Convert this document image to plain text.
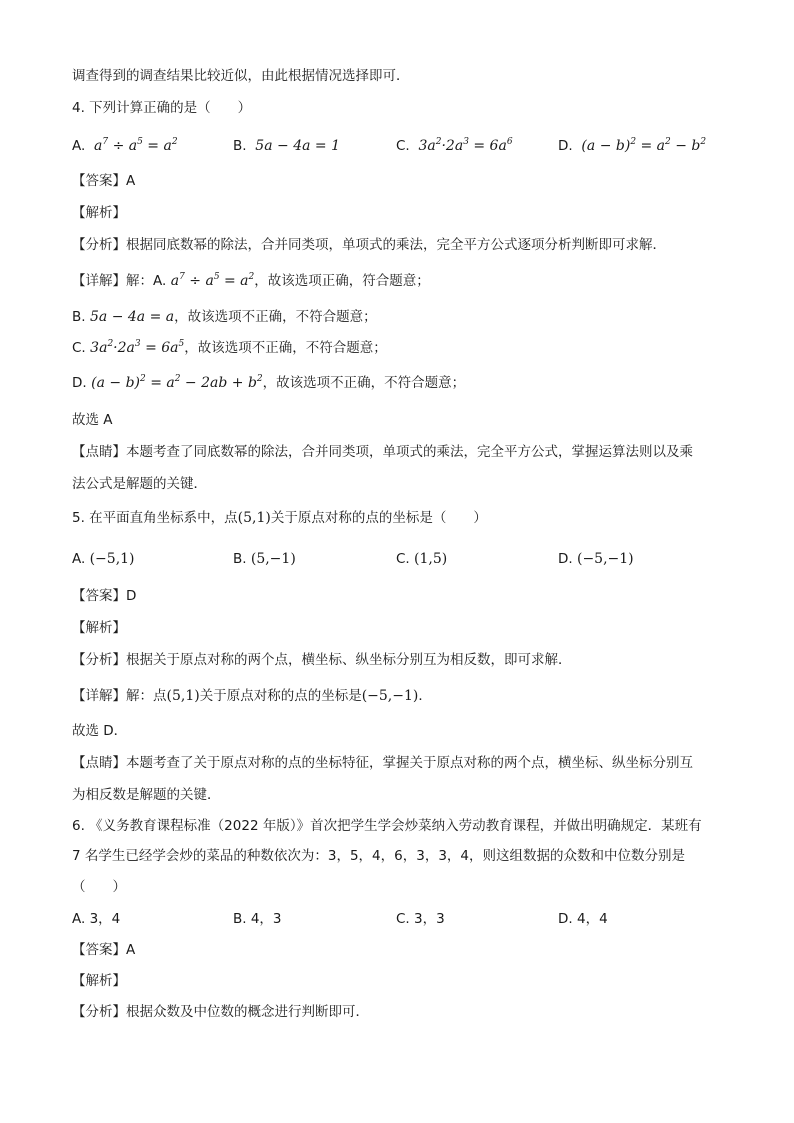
调查得到的调查结果比较近似，由此根据情况选择即可．
4. 下列计算正确的是（　　）
A.  $a^7 \div a^5 = a^2$	B.  5a − 4a = 1	C.  $3a^2\cdot 2a^3 = 6a^6$	D.  $(a - b)^2 = a^2 - b^2$
【答案】A
【解析】
【分析】根据同底数幂的除法，合并同类项，单项式的乘法，完全平方公式逐项分析判断即可求解．
【详解】解：A. $a^7 \div a^5 = a^2$，故该选项正确，符合题意；
B. 5a − 4a = a，故该选项不正确，不符合题意；
C. $3a^2\cdot 2a^3 = 6a^5$，故该选项不正确，不符合题意；
D. $(a - b)^2 = a^2 - 2ab + b^2$，故该选项不正确，不符合题意；
故选 A
【点睛】本题考查了同底数幂的除法，合并同类项，单项式的乘法，完全平方公式，掌握运算法则以及乘
法公式是解题的关键．
5. 在平面直角坐标系中，点(5,1)关于原点对称的点的坐标是（　　）
A. (−5,1)	B. (5,−1)	C. (1,5)	D. (−5,−1)
【答案】D
【解析】
【分析】根据关于原点对称的两个点，横坐标、纵坐标分别互为相反数，即可求解．
【详解】解：点(5,1)关于原点对称的点的坐标是(−5,−1)．
故选 D．
【点睛】本题考查了关于原点对称的点的坐标特征，掌握关于原点对称的两个点，横坐标、纵坐标分别互
为相反数是解题的关键．
6. 《义务教育课程标准（2022 年版）》首次把学生学会炒菜纳入劳动教育课程，并做出明确规定．某班有
7 名学生已经学会炒的菜品的种数依次为：3，5，4，6，3，3，4，则这组数据的众数和中位数分别是
（　　）
A. 3，4	B. 4，3	C. 3，3	D. 4，4
【答案】A
【解析】
【分析】根据众数及中位数的概念进行判断即可．
